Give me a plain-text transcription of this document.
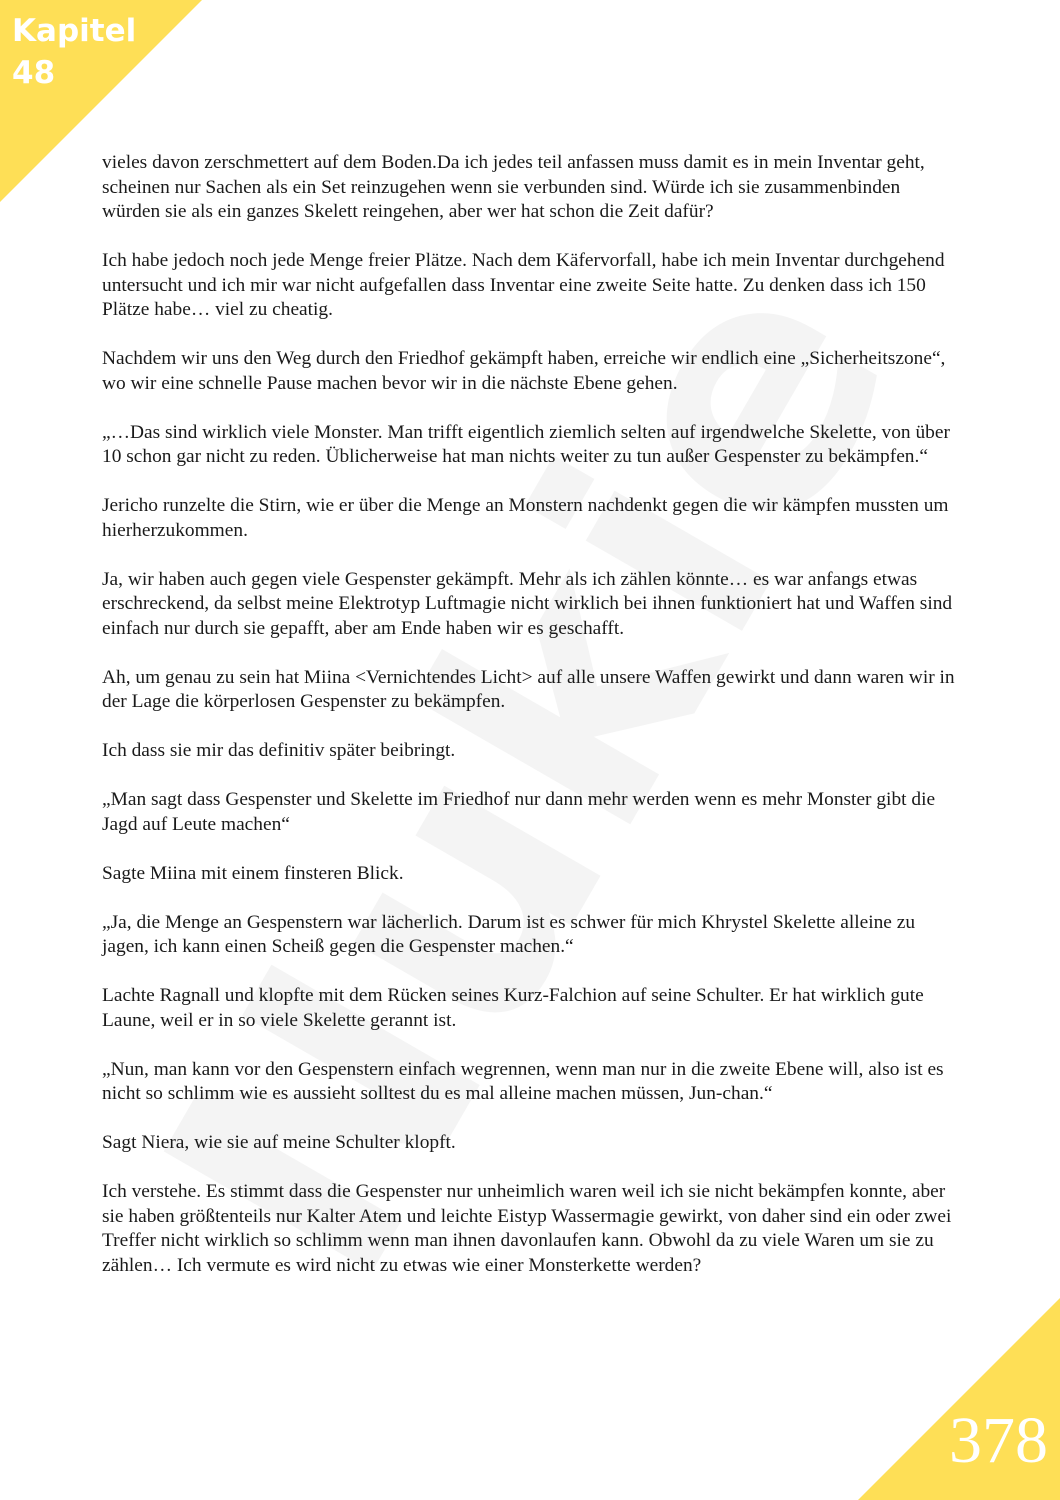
Kapitel
48

vieles davon zerschmettert auf dem Boden.Da ich jedes teil anfassen muss damit es in mein Inventar geht, scheinen nur Sachen als ein Set reinzugehen wenn sie verbunden sind. Würde ich sie zusammenbinden würden sie als ein ganzes Skelett reingehen, aber wer hat schon die Zeit dafür?

Ich habe jedoch noch jede Menge freier Plätze. Nach dem Käfervorfall, habe ich mein Inventar durchgehend untersucht und ich mir war nicht aufgefallen dass Inventar eine zweite Seite hatte. Zu denken dass ich 150 Plätze habe… viel zu cheatig.

Nachdem wir uns den Weg durch den Friedhof gekämpft haben, erreiche wir endlich eine „Sicherheitszone“, wo wir eine schnelle Pause machen bevor wir in die nächste Ebene gehen.

„…Das sind wirklich viele Monster. Man trifft eigentlich ziemlich selten auf irgendwelche Skelette, von über 10 schon gar nicht zu reden. Üblicherweise hat man nichts weiter zu tun außer Gespenster zu bekämpfen.“

Jericho runzelte die Stirn, wie er über die Menge an Monstern nachdenkt gegen die wir kämpfen mussten um hierherzukommen.

Ja, wir haben auch gegen viele Gespenster gekämpft. Mehr als ich zählen könnte… es war anfangs etwas erschreckend, da selbst meine Elektrotyp Luftmagie nicht wirklich bei ihnen funktioniert hat und Waffen sind einfach nur durch sie gepafft, aber am Ende haben wir es geschafft.

Ah, um genau zu sein hat Miina <Vernichtendes Licht> auf alle unsere Waffen gewirkt und dann waren wir in der Lage die körperlosen Gespenster zu bekämpfen.

Ich dass sie mir das definitiv später beibringt.

„Man sagt dass Gespenster und Skelette im Friedhof nur dann mehr werden wenn es mehr Monster gibt die Jagd auf Leute machen“

Sagte Miina mit einem finsteren Blick.

„Ja, die Menge an Gespenstern war lächerlich. Darum ist es schwer für mich Khrystel Skelette alleine zu jagen, ich kann einen Scheiß gegen die Gespenster machen.“

Lachte Ragnall und klopfte mit dem Rücken seines Kurz-Falchion auf seine Schulter. Er hat wirklich gute Laune, weil er in so viele Skelette gerannt ist.

„Nun, man kann vor den Gespenstern einfach wegrennen, wenn man nur in die zweite Ebene will, also ist es nicht so schlimm wie es aussieht solltest du es mal alleine machen müssen, Jun-chan.“

Sagt Niera, wie sie auf meine Schulter klopft.

Ich verstehe. Es stimmt dass die Gespenster nur unheimlich waren weil ich sie nicht bekämpfen konnte, aber sie haben größtenteils nur Kalter Atem und leichte Eistyp Wassermagie gewirkt, von daher sind ein oder zwei Treffer nicht wirklich so schlimm wenn man ihnen davonlaufen kann. Obwohl da zu viele Waren um sie zu zählen… Ich vermute es wird nicht zu etwas wie einer Monsterkette werden?

378
